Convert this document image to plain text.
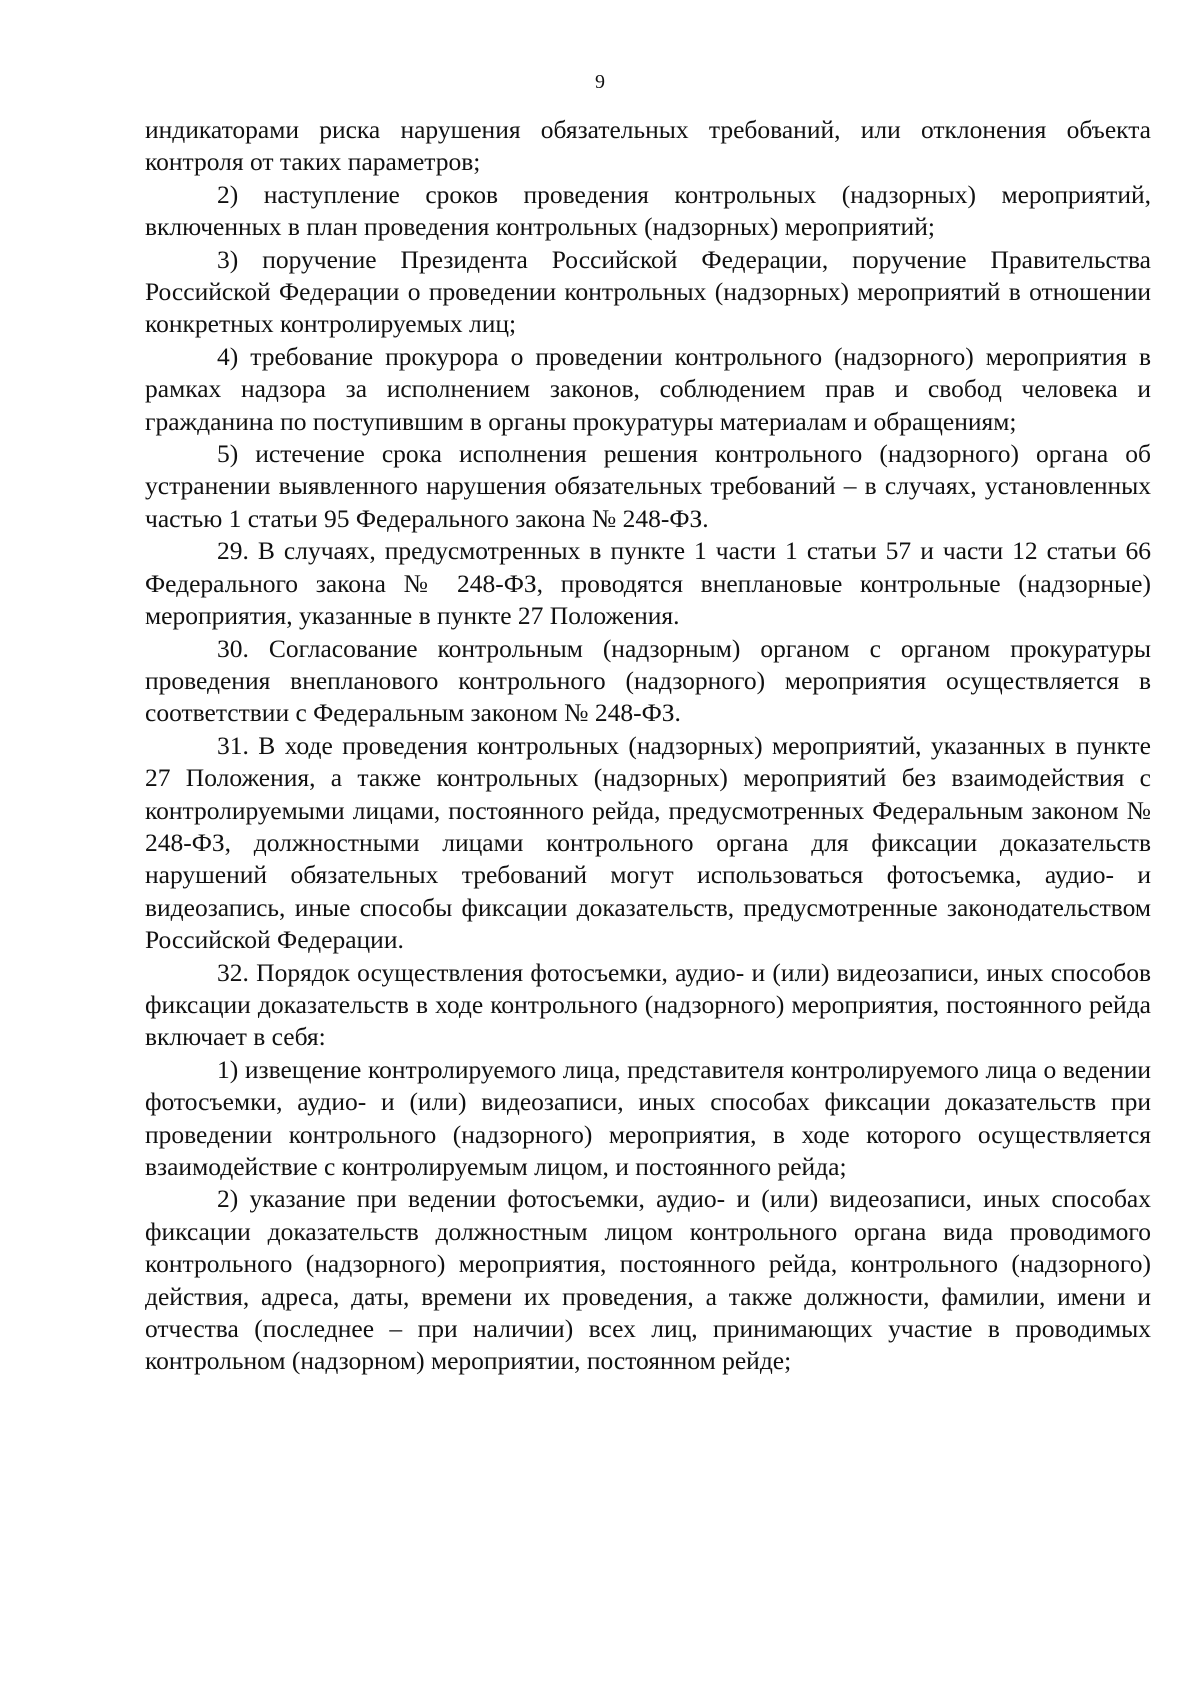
9

индикаторами риска нарушения обязательных требований, или отклонения объекта контроля от таких параметров;

2) наступление сроков проведения контрольных (надзорных) мероприятий, включенных в план проведения контрольных (надзорных) мероприятий;

3) поручение Президента Российской Федерации, поручение Правительства Российской Федерации о проведении контрольных (надзорных) мероприятий в отношении конкретных контролируемых лиц;

4) требование прокурора о проведении контрольного (надзорного) мероприятия в рамках надзора за исполнением законов, соблюдением прав и свобод человека и гражданина по поступившим в органы прокуратуры материалам и обращениям;

5) истечение срока исполнения решения контрольного (надзорного) органа об устранении выявленного нарушения обязательных требований – в случаях, установленных частью 1 статьи 95 Федерального закона № 248-ФЗ.

29. В случаях, предусмотренных в пункте 1 части 1 статьи 57 и части 12 статьи 66 Федерального закона № 248-ФЗ, проводятся внеплановые контрольные (надзорные) мероприятия, указанные в пункте 27 Положения.

30. Согласование контрольным (надзорным) органом с органом прокуратуры проведения внепланового контрольного (надзорного) мероприятия осуществляется в соответствии с Федеральным законом № 248-ФЗ.

31. В ходе проведения контрольных (надзорных) мероприятий, указанных в пункте 27 Положения, а также контрольных (надзорных) мероприятий без взаимодействия с контролируемыми лицами, постоянного рейда, предусмотренных Федеральным законом № 248-ФЗ, должностными лицами контрольного органа для фиксации доказательств нарушений обязательных требований могут использоваться фотосъемка, аудио- и видеозапись, иные способы фиксации доказательств, предусмотренные законодательством Российской Федерации.

32. Порядок осуществления фотосъемки, аудио- и (или) видеозаписи, иных способов фиксации доказательств в ходе контрольного (надзорного) мероприятия, постоянного рейда включает в себя:

1) извещение контролируемого лица, представителя контролируемого лица о ведении фотосъемки, аудио- и (или) видеозаписи, иных способах фиксации доказательств при проведении контрольного (надзорного) мероприятия, в ходе которого осуществляется взаимодействие с контролируемым лицом, и постоянного рейда;

2) указание при ведении фотосъемки, аудио- и (или) видеозаписи, иных способах фиксации доказательств должностным лицом контрольного органа вида проводимого контрольного (надзорного) мероприятия, постоянного рейда, контрольного (надзорного) действия, адреса, даты, времени их проведения, а также должности, фамилии, имени и отчества (последнее – при наличии) всех лиц, принимающих участие в проводимых контрольном (надзорном) мероприятии, постоянном рейде;
